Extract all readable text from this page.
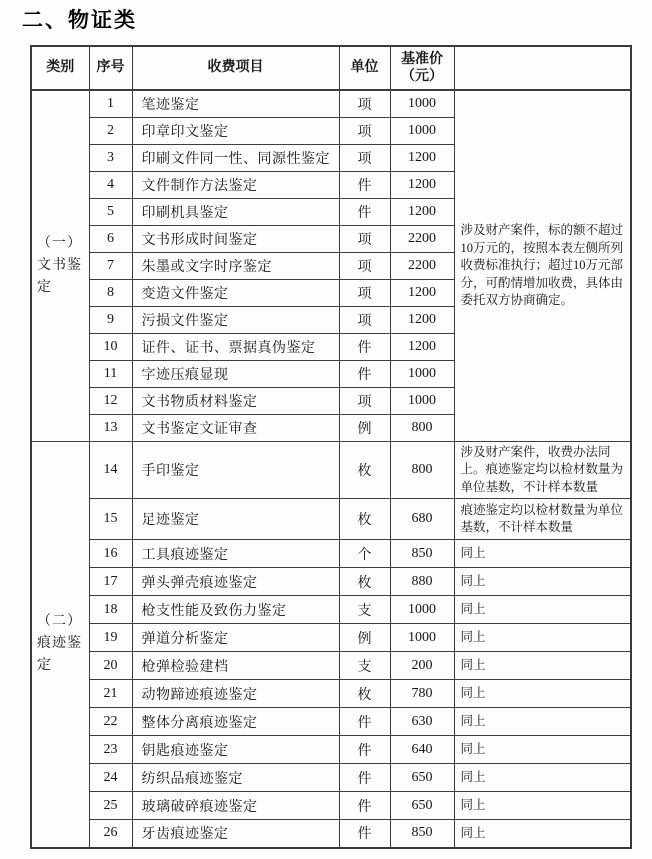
二、物证类
类别	序号	收费项目	单位	基准价
（元）	

（一）文书鉴定	1	笔迹鉴定	项	1000	涉及财产案件，标的额不超过10万元的，按照本表左侧所列收费标准执行；超过10万元部分，可酌情增加收费，具体由委托双方协商确定。
	2	印章印文鉴定	项	1000	
	3	印刷文件同一性、同源性鉴定	项	1200	
	4	文件制作方法鉴定	件	1200	
	5	印刷机具鉴定	件	1200	
	6	文书形成时间鉴定	项	2200	
	7	朱墨或文字时序鉴定	项	2200	
	8	变造文件鉴定	项	1200	
	9	污损文件鉴定	项	1200	
	10	证件、证书、票据真伪鉴定	件	1200	
	11	字迹压痕显现	件	1000	
	12	文书物质材料鉴定	项	1000	
	13	文书鉴定文证审查	例	800	
（二）痕迹鉴定	14	手印鉴定	枚	800	涉及财产案件，收费办法同上。痕迹鉴定均以检材数量为单位基数，不计样本数量
	15	足迹鉴定	枚	680	痕迹鉴定均以检材数量为单位基数，不计样本数量
	16	工具痕迹鉴定	个	850	同上
	17	弹头弹壳痕迹鉴定	枚	880	同上
	18	枪支性能及致伤力鉴定	支	1000	同上
	19	弹道分析鉴定	例	1000	同上
	20	枪弹检验建档	支	200	同上
	21	动物蹄迹痕迹鉴定	枚	780	同上
	22	整体分离痕迹鉴定	件	630	同上
	23	钥匙痕迹鉴定	件	640	同上
	24	纺织品痕迹鉴定	件	650	同上
	25	玻璃破碎痕迹鉴定	件	650	同上
	26	牙齿痕迹鉴定	件	850	同上
